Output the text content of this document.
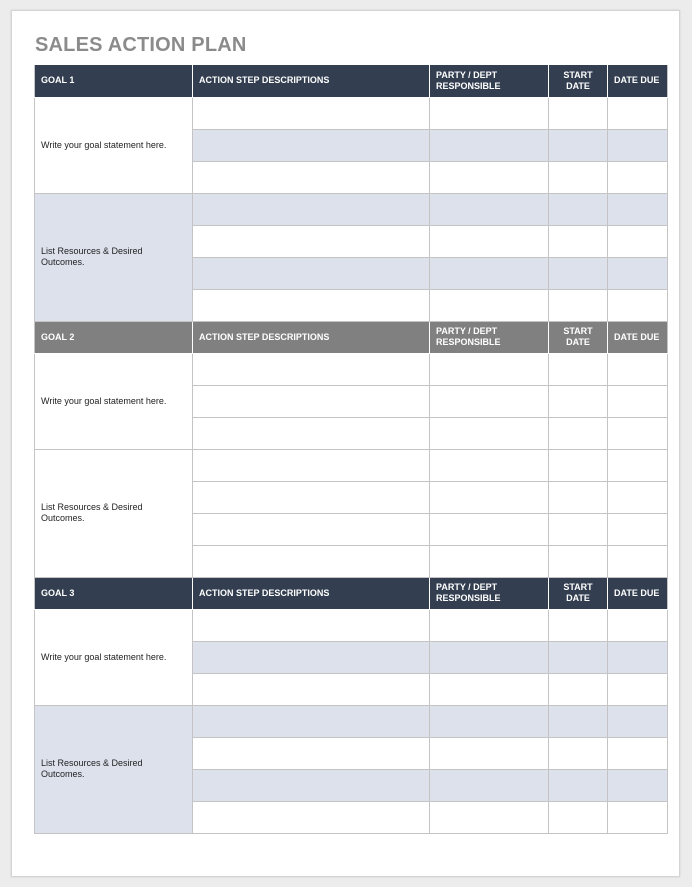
SALES ACTION PLAN
GOAL 1	ACTION STEP DESCRIPTIONS	PARTY / DEPT RESPONSIBLE	START DATE	DATE DUE
Write your goal statement here.				

List Resources & Desired Outcomes.				

GOAL 2	ACTION STEP DESCRIPTIONS	PARTY / DEPT RESPONSIBLE	START DATE	DATE DUE
Write your goal statement here.				

List Resources & Desired Outcomes.				

GOAL 3	ACTION STEP DESCRIPTIONS	PARTY / DEPT RESPONSIBLE	START DATE	DATE DUE
Write your goal statement here.				

List Resources & Desired Outcomes.				
